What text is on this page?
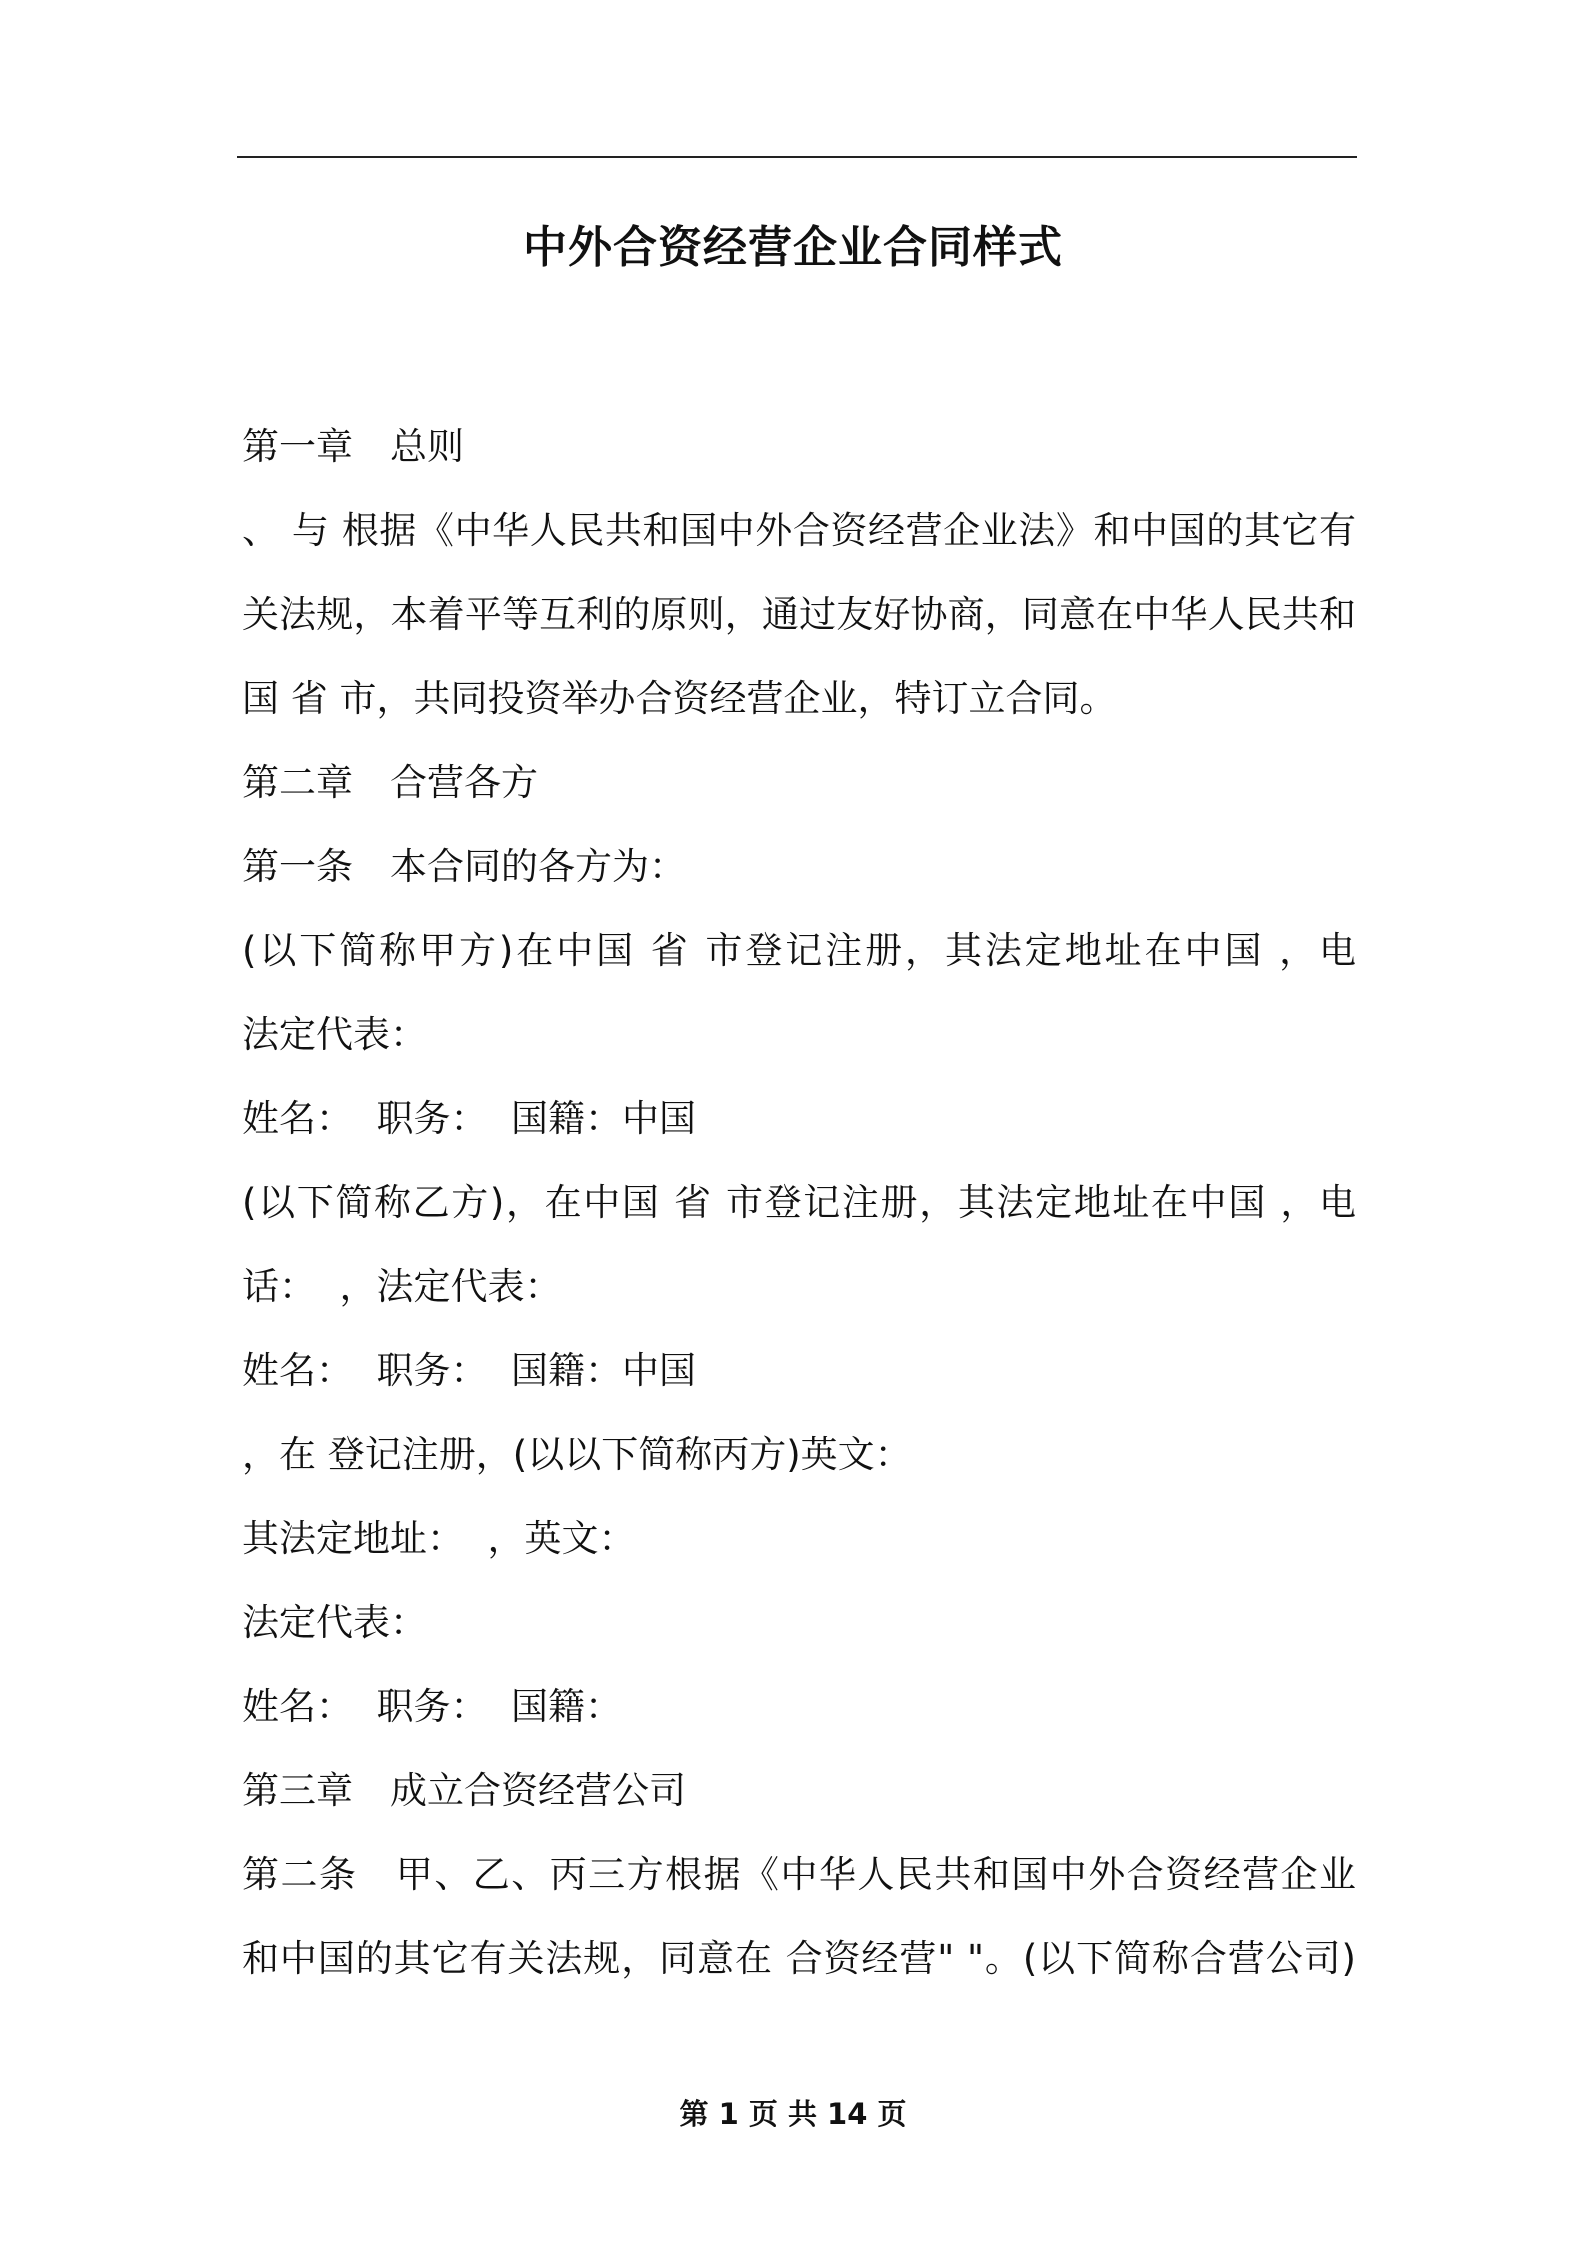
中外合资经营企业合同样式
第一章　总则
、 与 根据《中华人民共和国中外合资经营企业法》和中国的其它有
关法规，本着平等互利的原则，通过友好协商，同意在中华人民共和
国 省 市，共同投资举办合资经营企业，特订立合同。
第二章　合营各方
第一条　本合同的各方为：
(以下简称甲方)在中国 省 市登记注册，其法定地址在中国 ，电
法定代表：
姓名：  职务：  国籍：中国
(以下简称乙方)，在中国 省 市登记注册，其法定地址在中国 ，电
话：  ，法定代表：
姓名：  职务：  国籍：中国
，在 登记注册，(以以下简称丙方)英文：
其法定地址：  ，英文：
法定代表：
姓名：  职务：  国籍：
第三章　成立合资经营公司
第二条　甲、乙、丙三方根据《中华人民共和国中外合资经营企业
和中国的其它有关法规，同意在 合资经营" "。(以下简称合营公司)
第 1 页 共 14 页
